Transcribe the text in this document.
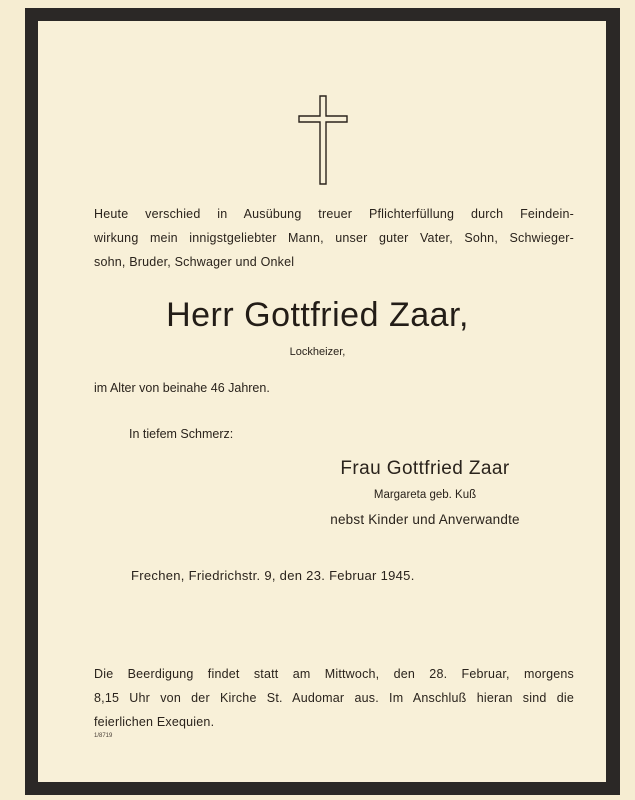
Heute verschied in Ausübung treuer Pflichterfüllung durch Feindein-
wirkung mein innigstgeliebter Mann, unser guter Vater, Sohn, Schwieger-
sohn, Bruder, Schwager und Onkel
Herr Gottfried Zaar,
Lockheizer,
im Alter von beinahe 46 Jahren.
In tiefem Schmerz:
Frau Gottfried Zaar
Margareta geb. Kuß
nebst Kinder und Anverwandte
Frechen, Friedrichstr. 9, den 23. Februar 1945.
Die Beerdigung findet statt am Mittwoch, den 28. Februar, morgens
8,15 Uhr von der Kirche St. Audomar aus. Im Anschluß hieran sind die
feierlichen Exequien.
1/8719
